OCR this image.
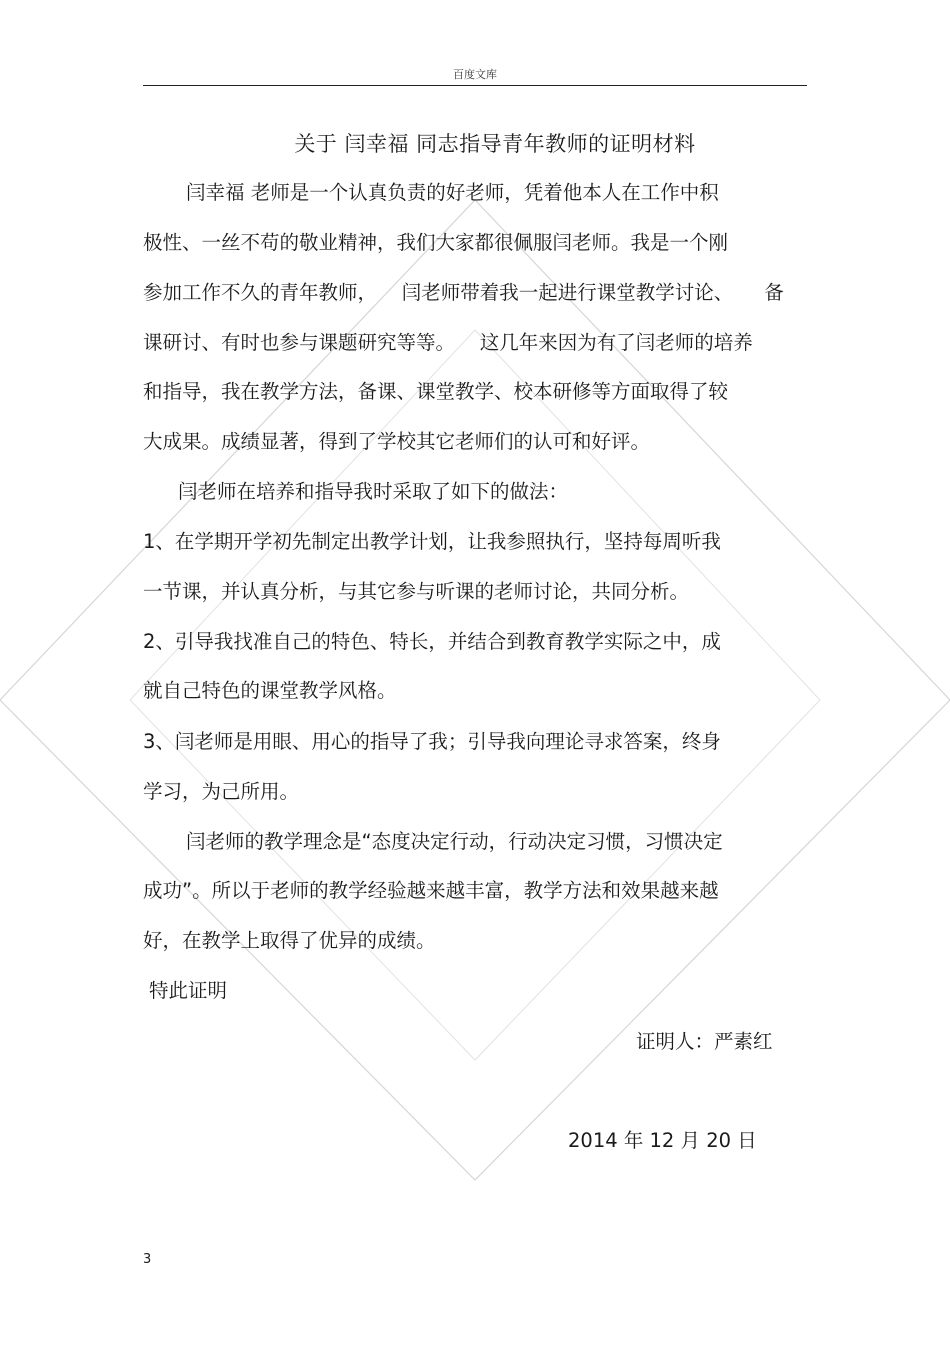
百度文库
关于 闫幸福 同志指导青年教师的证明材料
闫幸福 老师是一个认真负责的好老师，凭着他本人在工作中积
极性、一丝不苟的敬业精神，我们大家都很佩服闫老师。我是一个刚
参加工作不久的青年教师，    闫老师带着我一起进行课堂教学讨论、     备
课研讨、有时也参与课题研究等等。    这几年来因为有了闫老师的培养
和指导，我在教学方法，备课、课堂教学、校本研修等方面取得了较
大成果。成绩显著，得到了学校其它老师们的认可和好评。
闫老师在培养和指导我时采取了如下的做法：
1、在学期开学初先制定出教学计划，让我参照执行，坚持每周听我
一节课，并认真分析，与其它参与听课的老师讨论，共同分析。
2、引导我找准自己的特色、特长，并结合到教育教学实际之中，成
就自己特色的课堂教学风格。
3、闫老师是用眼、用心的指导了我；引导我向理论寻求答案，终身
学习，为己所用。
闫老师的教学理念是“态度决定行动，行动决定习惯，习惯决定
成功”。所以于老师的教学经验越来越丰富，教学方法和效果越来越
好，在教学上取得了优异的成绩。
特此证明
证明人：严素红
2014 年 12 月 20 日
3
